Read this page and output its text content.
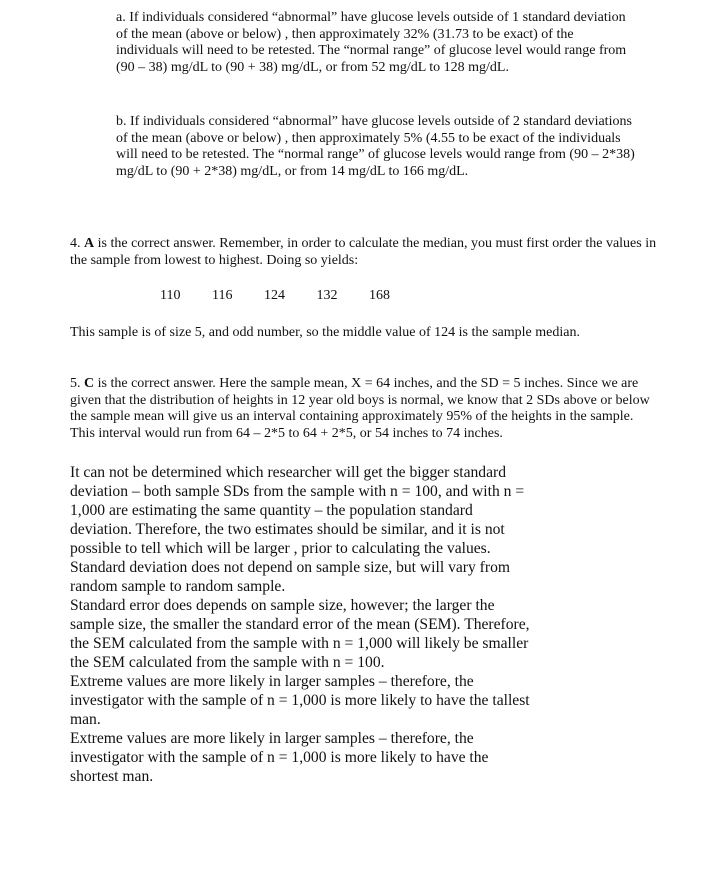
a. If individuals considered “abnormal” have glucose levels outside of 1 standard deviation of the mean (above or below) , then approximately 32% (31.73 to be exact) of the individuals will need to be retested. The “normal range” of glucose level would range from (90 – 38) mg/dL to (90 + 38) mg/dL, or from 52 mg/dL to 128 mg/dL.

b. If individuals considered “abnormal” have glucose levels outside of 2 standard deviations of the mean (above or below) , then approximately 5% (4.55 to be exact of the individuals will need to be retested. The “normal range” of glucose levels would range from (90 – 2*38) mg/dL to (90 + 2*38) mg/dL, or from 14 mg/dL to 166 mg/dL.

4. A is the correct answer. Remember, in order to calculate the median, you must first order the values in the sample from lowest to highest. Doing so yields:

110 116 124 132 168

This sample is of size 5, and odd number, so the middle value of 124 is the sample median.

5. C is the correct answer. Here the sample mean, $\overline{X} = 64$ inches, and the SD = 5 inches. Since we are given that the distribution of heights in 12 year old boys is normal, we know that 2 SDs above or below the sample mean will give us an interval containing approximately 95% of the heights in the sample. This interval would run from 64 – 2*5 to 64 + 2*5, or 54 inches to 74 inches.
It can not be determined which researcher will get the bigger standard deviation – both sample SDs from the sample with n = 100, and with n = 1,000 are estimating the same quantity – the population standard deviation. Therefore, the two estimates should be similar, and it is not possible to tell which will be larger , prior to calculating the values. Standard deviation does not depend on sample size, but will vary from random sample to random sample.
Standard error does depends on sample size, however; the larger the sample size, the smaller the standard error of the mean (SEM). Therefore, the SEM calculated from the sample with n = 1,000 will likely be smaller the SEM calculated from the sample with n = 100.
Extreme values are more likely in larger samples – therefore, the investigator with the sample of n = 1,000 is more likely to have the tallest man.
Extreme values are more likely in larger samples – therefore, the investigator with the sample of n = 1,000 is more likely to have the shortest man.
